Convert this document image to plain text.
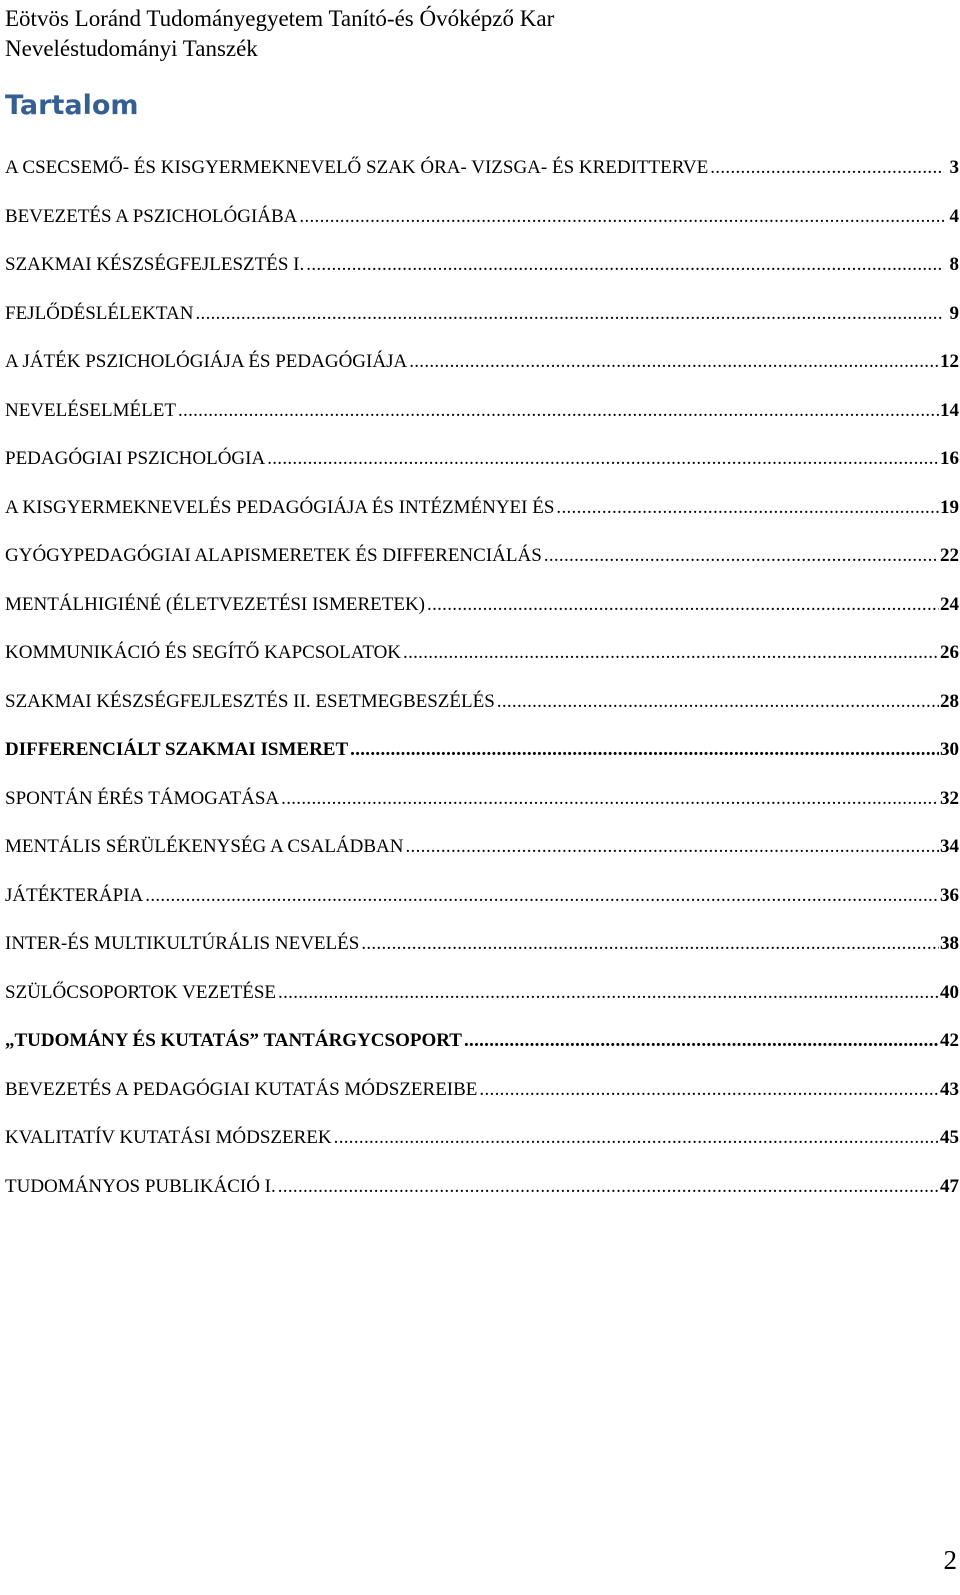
Eötvös Loránd Tudományegyetem Tanító-és Óvóképző Kar
Neveléstudományi Tanszék
Tartalom
A CSECSEMŐ- ÉS KISGYERMEKNEVELŐ SZAK ÓRA- VIZSGA- ÉS KREDITTERVE .....	3
BEVEZETÉS A PSZICHOLÓGIÁBA .....	4
SZAKMAI KÉSZSÉGFEJLESZTÉS I. .....	8
FEJLŐDÉSLÉLEKTAN .....	9
A JÁTÉK PSZICHOLÓGIÁJA ÉS PEDAGÓGIÁJA .....	12
NEVELÉSELMÉLET .....	14
PEDAGÓGIAI PSZICHOLÓGIA .....	16
A KISGYERMEKNEVELÉS PEDAGÓGIÁJA ÉS INTÉZMÉNYEI ÉS .....	19
GYÓGYPEDAGÓGIAI ALAPISMERETEK ÉS DIFFERENCIÁLÁS .....	22
MENTÁLHIGIÉNÉ (ÉLETVEZETÉSI ISMERETEK) .....	24
KOMMUNIKÁCIÓ ÉS SEGÍTŐ KAPCSOLATOK .....	26
SZAKMAI KÉSZSÉGFEJLESZTÉS II. ESETMEGBESZÉLÉS .....	28
DIFFERENCIÁLT SZAKMAI ISMERET .....	30
SPONTÁN ÉRÉS TÁMOGATÁSA .....	32
MENTÁLIS SÉRÜLÉKENYSÉG A CSALÁDBAN .....	34
JÁTÉKTERÁPIA .....	36
INTER-ÉS MULTIKULTÚRÁLIS NEVELÉS .....	38
SZÜLŐCSOPORTOK VEZETÉSE .....	40
„TUDOMÁNY ÉS KUTATÁS” TANTÁRGYCSOPORT .....	42
BEVEZETÉS A PEDAGÓGIAI KUTATÁS MÓDSZEREIBE .....	43
KVALITATÍV KUTATÁSI MÓDSZEREK .....	45
TUDOMÁNYOS PUBLIKÁCIÓ I. .....	47
2
